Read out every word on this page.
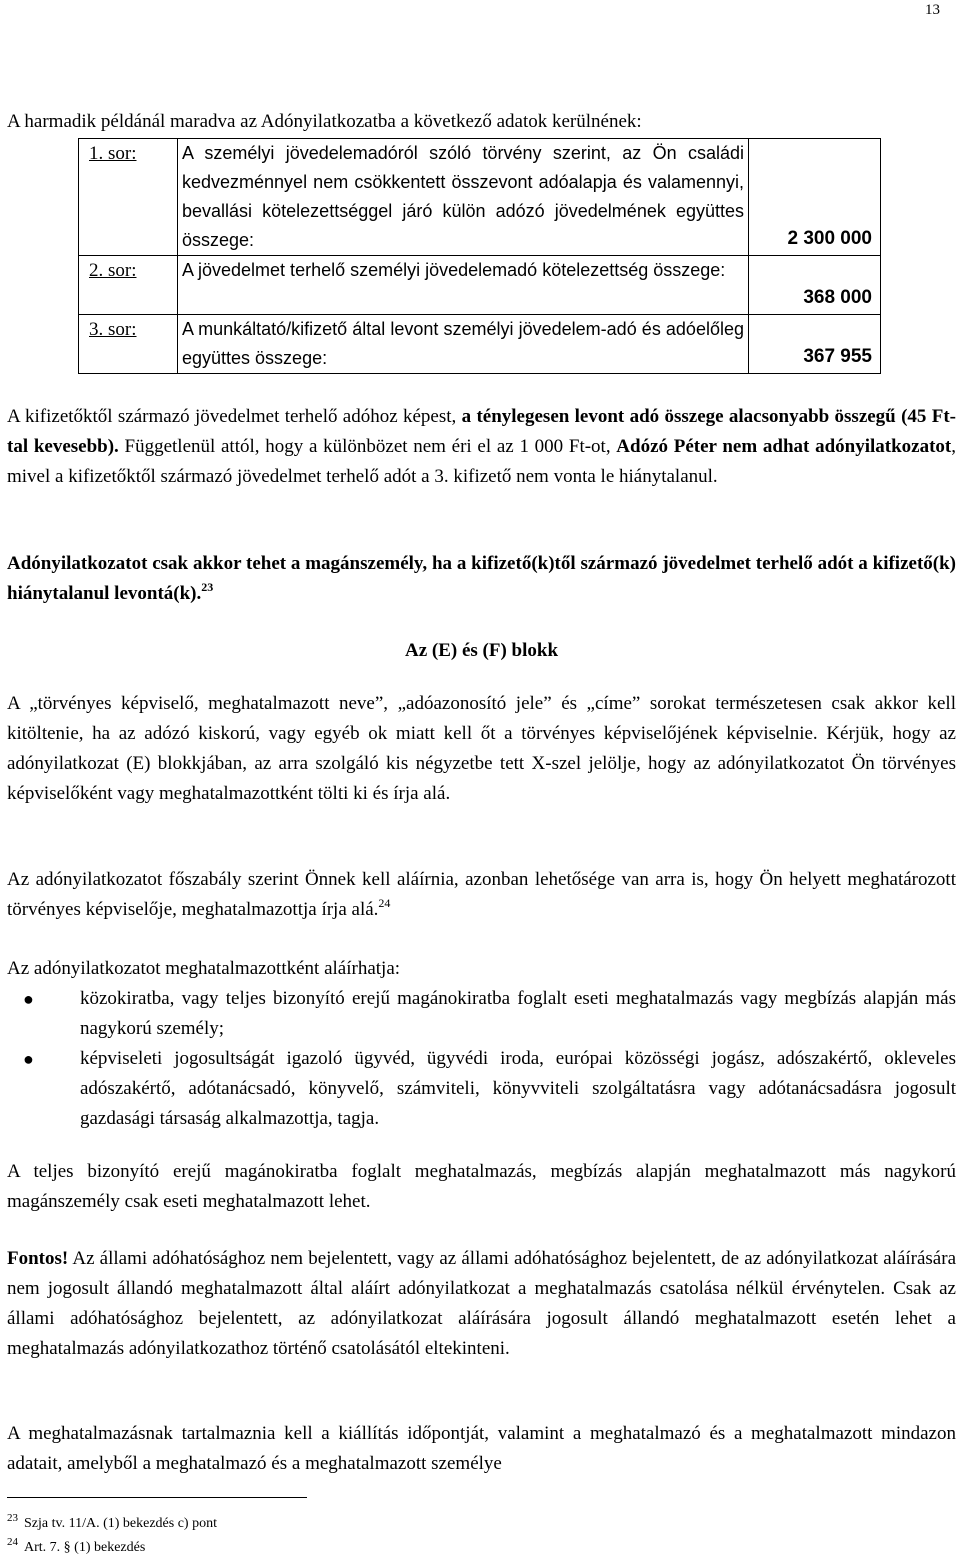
13
A harmadik példánál maradva az Adónyilatkozatba a következő adatok kerülnének:
1. sor:	A személyi jövedelemadóról szóló törvény szerint, az Ön családi kedvezménnyel nem csökkentett összevont adóalapja és valamennyi, bevallási kötelezettséggel járó külön adózó jövedelmének együttes összege:	2 300 000
2. sor:	A jövedelmet terhelő személyi jövedelemadó kötelezettség összege:	368 000
3. sor:	A munkáltató/kifizető által levont személyi jövedelem-adó és adóelőleg együttes összege:	367 955
A kifizetőktől származó jövedelmet terhelő adóhoz képest, a ténylegesen levont adó összege alacsonyabb összegű (45 Ft-tal kevesebb). Függetlenül attól, hogy a különbözet nem éri el az 1 000 Ft-ot, Adózó Péter nem adhat adónyilatkozatot, mivel a kifizetőktől származó jövedelmet terhelő adót a 3. kifizető nem vonta le hiánytalanul.
Adónyilatkozatot csak akkor tehet a magánszemély, ha a kifizető(k)től származó jövedelmet terhelő adót a kifizető(k) hiánytalanul levontá(k).$^{23}$
Az (E) és (F) blokk
A „törvényes képviselő, meghatalmazott neve”, „adóazonosító jele” és „címe” sorokat természetesen csak akkor kell kitöltenie, ha az adózó kiskorú, vagy egyéb ok miatt kell őt a törvényes képviselőjének képviselnie. Kérjük, hogy az adónyilatkozat (E) blokkjában, az arra szolgáló kis négyzetbe tett X-szel jelölje, hogy az adónyilatkozatot Ön törvényes képviselőként vagy meghatalmazottként tölti ki és írja alá.
Az adónyilatkozatot főszabály szerint Önnek kell aláírnia, azonban lehetősége van arra is, hogy Ön helyett meghatározott törvényes képviselője, meghatalmazottja írja alá.$^{24}$
Az adónyilatkozatot meghatalmazottként aláírhatja:
● közokiratba, vagy teljes bizonyító erejű magánokiratba foglalt eseti meghatalmazás vagy megbízás alapján más nagykorú személy;
● képviseleti jogosultságát igazoló ügyvéd, ügyvédi iroda, európai közösségi jogász, adószakértő, okleveles adószakértő, adótanácsadó, könyvelő, számviteli, könyvviteli szolgáltatásra vagy adótanácsadásra jogosult gazdasági társaság alkalmazottja, tagja.
A teljes bizonyító erejű magánokiratba foglalt meghatalmazás, megbízás alapján meghatalmazott más nagykorú magánszemély csak eseti meghatalmazott lehet.
Fontos! Az állami adóhatósághoz nem bejelentett, vagy az állami adóhatósághoz bejelentett, de az adónyilatkozat aláírására nem jogosult állandó meghatalmazott által aláírt adónyilatkozat a meghatalmazás csatolása nélkül érvénytelen. Csak az állami adóhatósághoz bejelentett, az adónyilatkozat aláírására jogosult állandó meghatalmazott esetén lehet a meghatalmazás adónyilatkozathoz történő csatolásától eltekinteni.
A meghatalmazásnak tartalmaznia kell a kiállítás időpontját, valamint a meghatalmazó és a meghatalmazott mindazon adatait, amelyből a meghatalmazó és a meghatalmazott személye
$^{23}$ Szja tv. 11/A. (1) bekezdés c) pont
$^{24}$ Art. 7. § (1) bekezdés
